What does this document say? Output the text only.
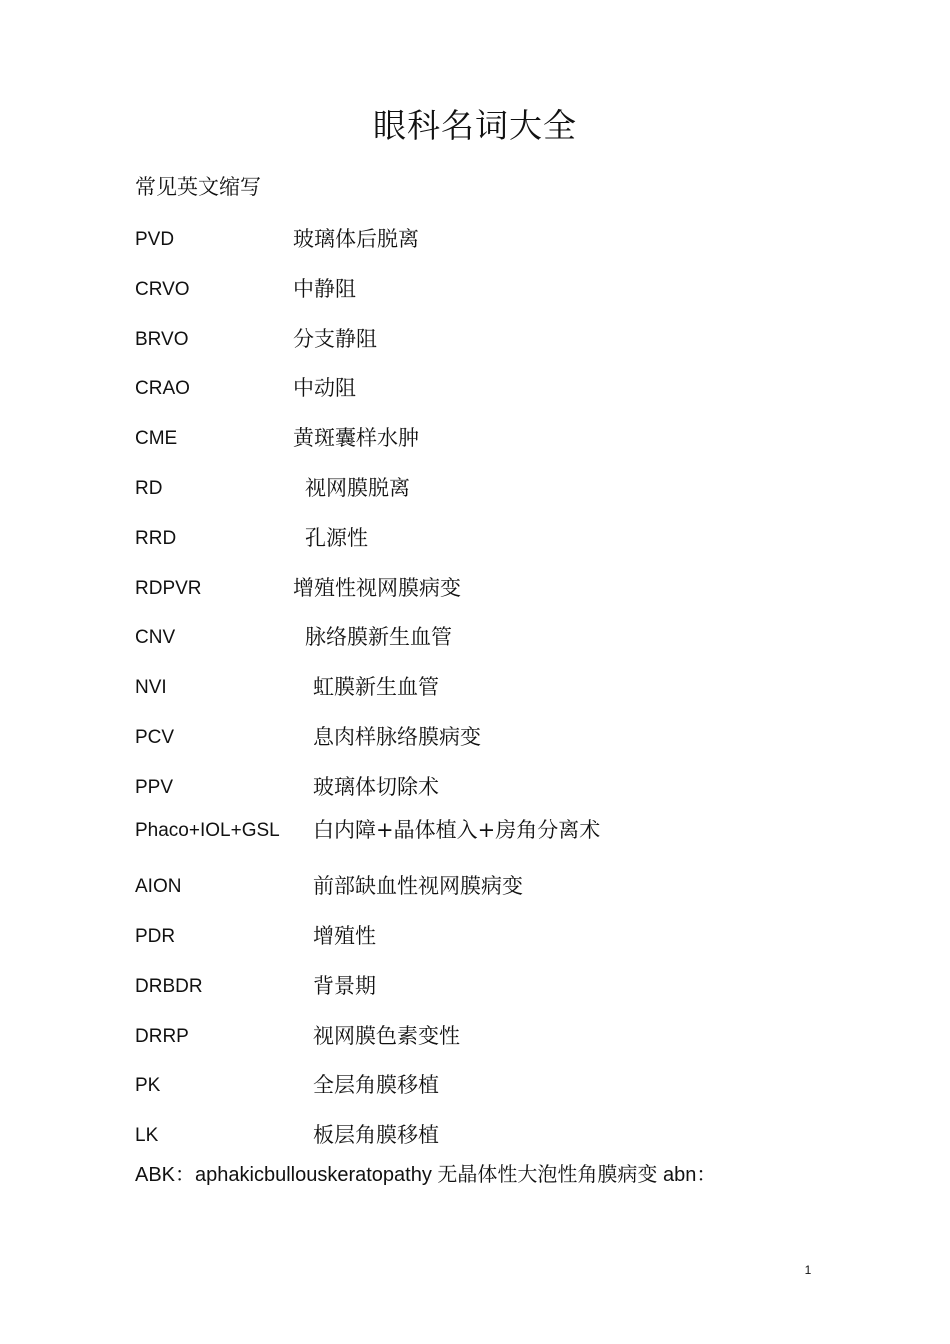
眼科名词大全
常见英文缩写
PVD	玻璃体后脱离
CRVO	中静阻
BRVO	分支静阻
CRAO	中动阻
CME	黄斑囊样水肿
RD	视网膜脱离
RRD	孔源性
RDPVR	增殖性视网膜病变
CNV	脉络膜新生血管
NVI	虹膜新生血管
PCV	息肉样脉络膜病变
PPV	玻璃体切除术
Phaco+IOL+GSL 白内障+晶体植入+房角分离术
AION	前部缺血性视网膜病变
PDR	增殖性
DRBDR	背景期
DRRP	视网膜色素变性
PK	全层角膜移植
LK	板层角膜移植
ABK：aphakicbullouskeratopathy 无晶体性大泡性角膜病变 abn：
1
